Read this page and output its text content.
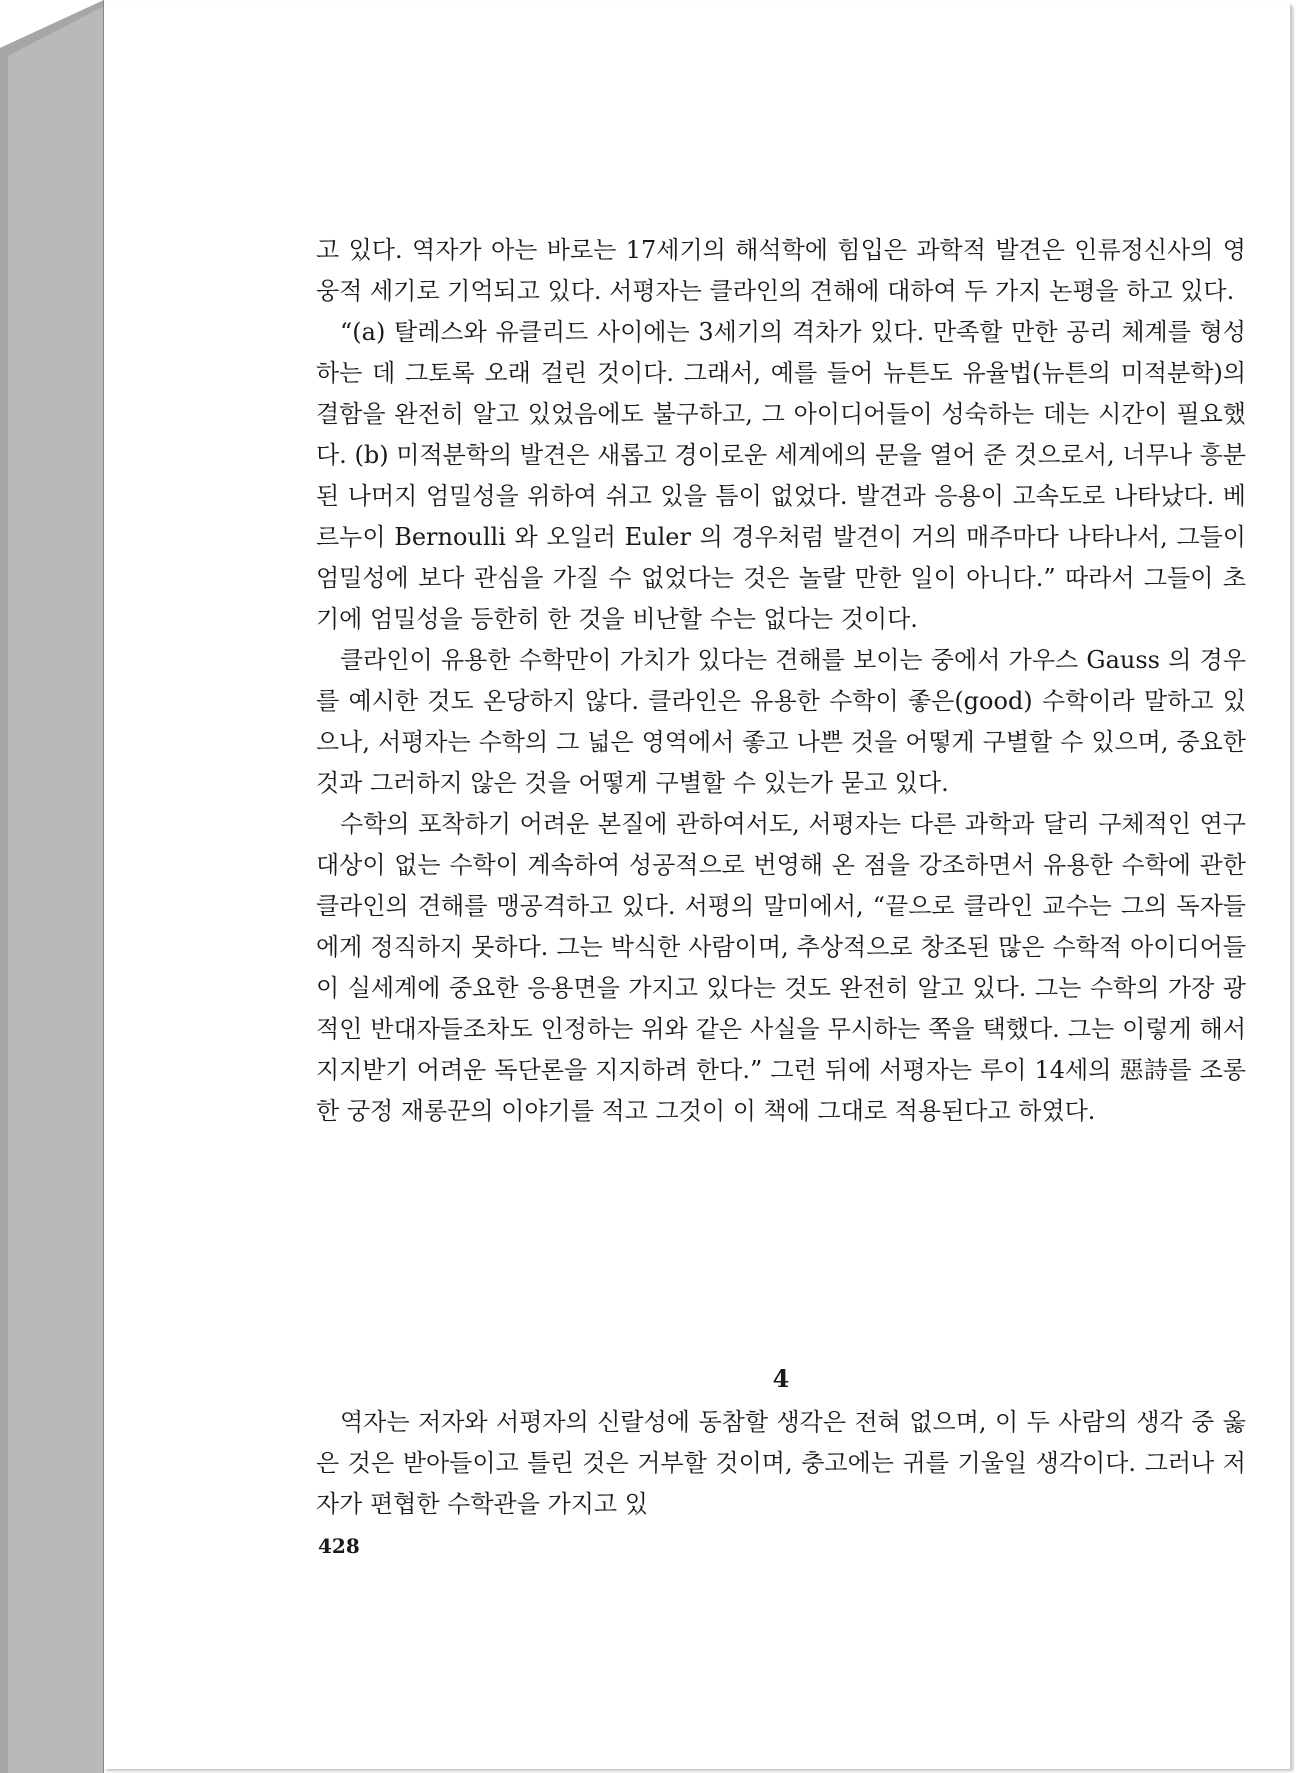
고 있다. 역자가 아는 바로는 17세기의 해석학에 힘입은 과학적 발견은 인류정신사의 영웅적 세기로 기억되고 있다. 서평자는 클라인의 견해에 대하여 두 가지 논평을 하고 있다.

“(a) 탈레스와 유클리드 사이에는 3세기의 격차가 있다. 만족할 만한 공리 체계를 형성하는 데 그토록 오래 걸린 것이다. 그래서, 예를 들어 뉴튼도 유율법(뉴튼의 미적분학)의 결함을 완전히 알고 있었음에도 불구하고, 그 아이디어들이 성숙하는 데는 시간이 필요했다. (b) 미적분학의 발견은 새롭고 경이로운 세계에의 문을 열어 준 것으로서, 너무나 흥분된 나머지 엄밀성을 위하여 쉬고 있을 틈이 없었다. 발견과 응용이 고속도로 나타났다. 베르누이 Bernoulli 와 오일러 Euler 의 경우처럼 발견이 거의 매주마다 나타나서, 그들이 엄밀성에 보다 관심을 가질 수 없었다는 것은 놀랄 만한 일이 아니다.” 따라서 그들이 초기에 엄밀성을 등한히 한 것을 비난할 수는 없다는 것이다.

클라인이 유용한 수학만이 가치가 있다는 견해를 보이는 중에서 가우스 Gauss 의 경우를 예시한 것도 온당하지 않다. 클라인은 유용한 수학이 좋은(good) 수학이라 말하고 있으나, 서평자는 수학의 그 넓은 영역에서 좋고 나쁜 것을 어떻게 구별할 수 있으며, 중요한 것과 그러하지 않은 것을 어떻게 구별할 수 있는가 묻고 있다.

수학의 포착하기 어려운 본질에 관하여서도, 서평자는 다른 과학과 달리 구체적인 연구 대상이 없는 수학이 계속하여 성공적으로 번영해 온 점을 강조하면서 유용한 수학에 관한 클라인의 견해를 맹공격하고 있다. 서평의 말미에서, “끝으로 클라인 교수는 그의 독자들에게 정직하지 못하다. 그는 박식한 사람이며, 추상적으로 창조된 많은 수학적 아이디어들이 실세계에 중요한 응용면을 가지고 있다는 것도 완전히 알고 있다. 그는 수학의 가장 광적인 반대자들조차도 인정하는 위와 같은 사실을 무시하는 쪽을 택했다. 그는 이렇게 해서 지지받기 어려운 독단론을 지지하려 한다.” 그런 뒤에 서평자는 루이 14세의 惡詩를 조롱한 궁정 재롱꾼의 이야기를 적고 그것이 이 책에 그대로 적용된다고 하였다.

4

역자는 저자와 서평자의 신랄성에 동참할 생각은 전혀 없으며, 이 두 사람의 생각 중 옳은 것은 받아들이고 틀린 것은 거부할 것이며, 충고에는 귀를 기울일 생각이다. 그러나 저자가 편협한 수학관을 가지고 있

428
